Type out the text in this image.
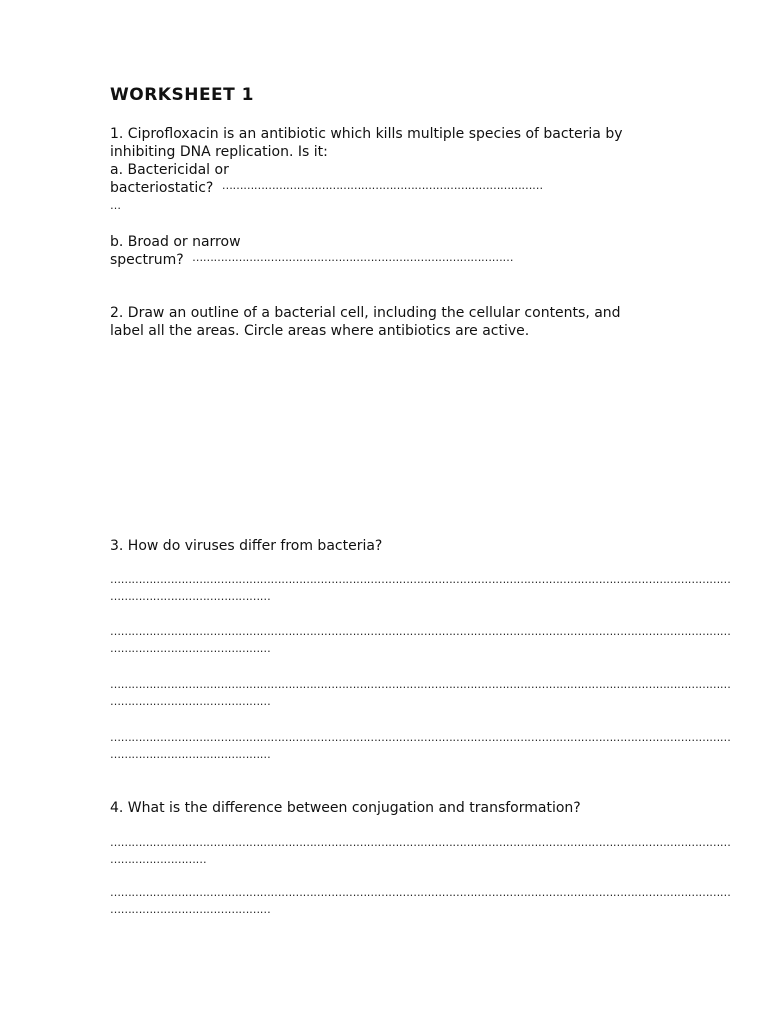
WORKSHEET 1
1. Ciprofloxacin is an antibiotic which kills multiple species of bacteria by
inhibiting DNA replication. Is it:
a. Bactericidal or
bacteriostatic? ………………………………………………………………………………
…
b. Broad or narrow
spectrum? ………………………………………………………………………………
2. Draw an outline of a bacterial cell, including the cellular contents, and
label all the areas. Circle areas where antibiotics are active.
3. How do viruses differ from bacteria?
…………………………………………………………………………………………………………………………………………………………
………………………………………
…………………………………………………………………………………………………………………………………………………………
………………………………………
…………………………………………………………………………………………………………………………………………………………
………………………………………
…………………………………………………………………………………………………………………………………………………………
………………………………………
4. What is the difference between conjugation and transformation?
…………………………………………………………………………………………………………………………………………………………
………………………
…………………………………………………………………………………………………………………………………………………………
………………………………………
